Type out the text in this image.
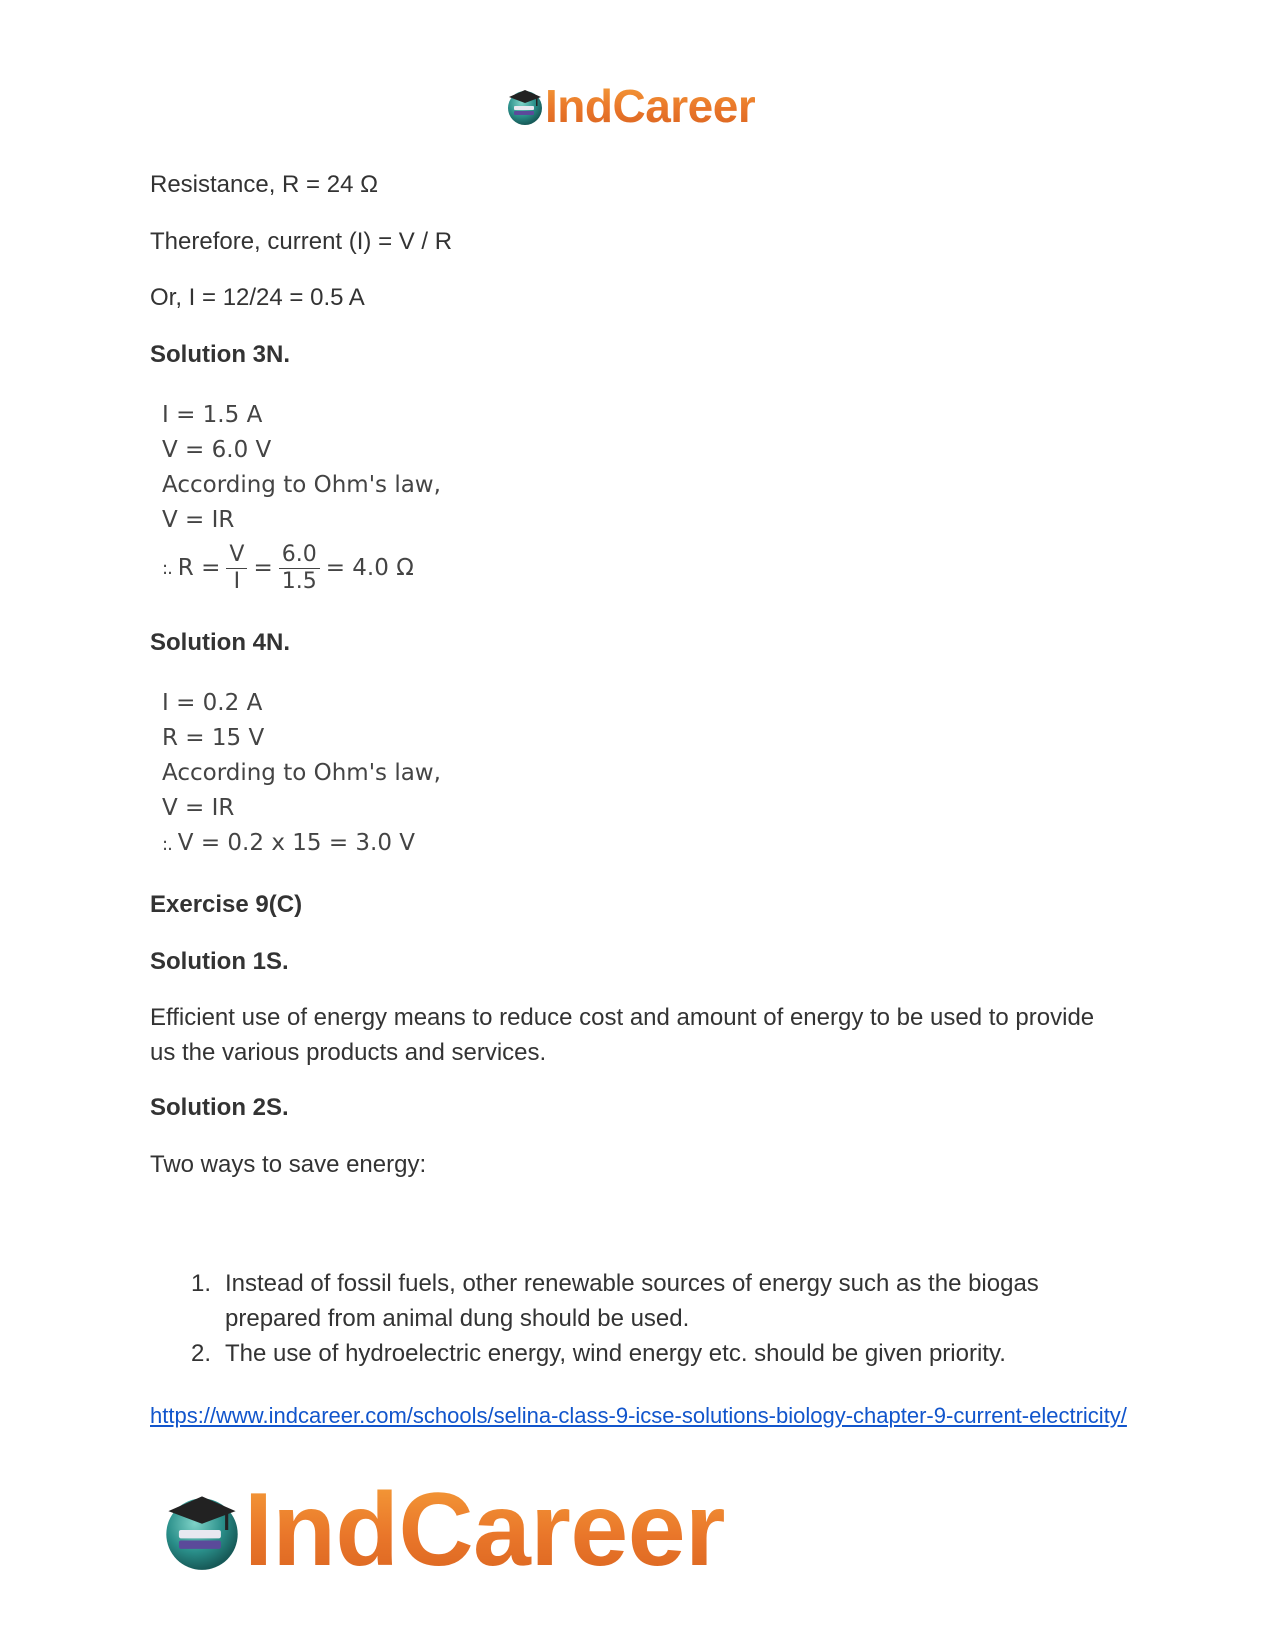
IndCareer

Resistance, R = 24 Ω

Therefore, current (I) = V / R

Or, I = 12/24 = 0.5 A

Solution 3N.

I = 1.5 A
V = 6.0 V
According to Ohm's law,
V = IR
:. $R = \frac{V}{I} = \frac{6.0}{1.5} = 4.0$ Ω

Solution 4N.

I = 0.2 A
R = 15 V
According to Ohm's law,
V = IR
:. V = 0.2 x 15 = 3.0 V

Exercise 9(C)

Solution 1S.

Efficient use of energy means to reduce cost and amount of energy to be used to provide us the various products and services.

Solution 2S.

Two ways to save energy:

1. Instead of fossil fuels, other renewable sources of energy such as the biogas prepared from animal dung should be used.
2. The use of hydroelectric energy, wind energy etc. should be given priority.
https://www.indcareer.com/schools/selina-class-9-icse-solutions-biology-chapter-9-current-electricity/
IndCareer
